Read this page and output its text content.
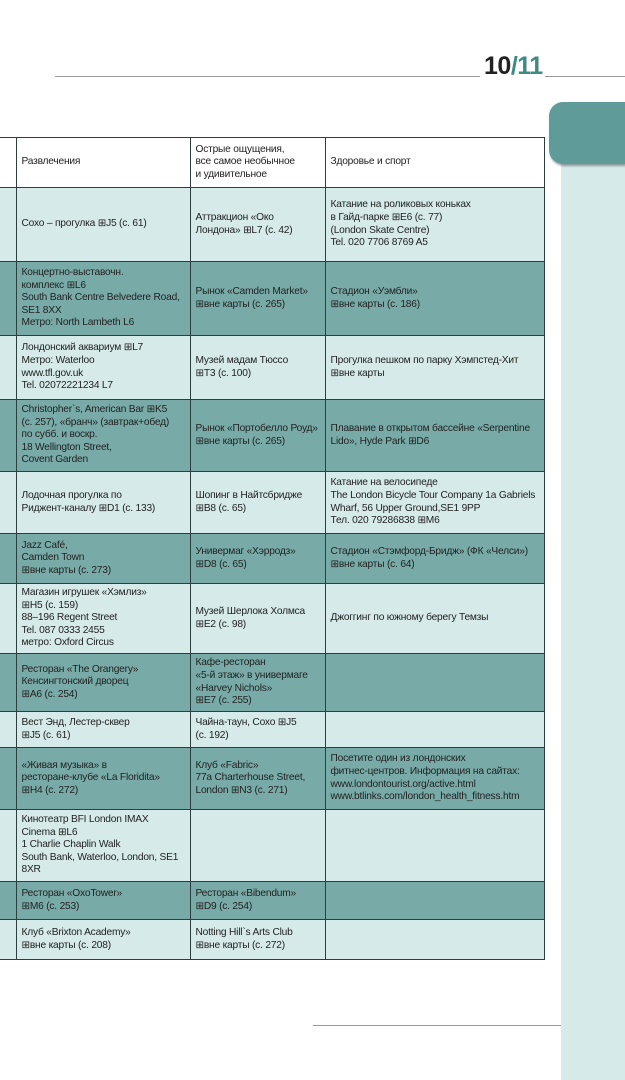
10/11
	Развлечения	Острые ощущения,
все самое необычное
и удивительное	Здоровье и спорт
	Сохо – прогулка ⊞J5 (с. 61)	Аттракцион «Око
Лондона» ⊞L7 (с. 42)	Катание на роликовых коньках
в Гайд-парке ⊞E6 (с. 77)
(London Skate Centre)
Tel. 020 7706 8769 A5
	Концертно-выставочн.
комплекс ⊞L6
South Bank Centre Belvedere Road,
SE1 8XX
Метро: North Lambeth L6	Рынок «Camden Market»
⊞вне карты (с. 265)	Стадион «Уэмбли»
⊞вне карты (с. 186)
	Лондонский аквариум ⊞L7
Метро: Waterloo
www.tfl.gov.uk
Tel. 02072221234 L7	Музей мадам Тюссо
⊞T3 (с. 100)	Прогулка пешком по парку Хэмпстед-Хит
⊞вне карты
	Christopher`s, American Bar ⊞K5
(с. 257), «бранч» (завтрак+обед)
по субб. и воскр.
18 Wellington Street,
Covent Garden	Рынок «Портобелло Роуд»
⊞вне карты (с. 265)	Плавание в открытом бассейне «Serpentine
Lido», Hyde Park ⊞D6
	Лодочная прогулка по
Риджент-каналу ⊞D1 (с. 133)	Шопинг в Найтсбридже
⊞B8 (с. 65)	Катание на велосипеде
The London Bicycle Tour Company 1a Gabriels
Wharf, 56 Upper Ground,SE1 9PP
Тел. 020 79286838 ⊞M6
	Jazz Café,
Camden Town
⊞вне карты (с. 273)	Универмаг «Хэрродз»
⊞D8 (с. 65)	Стадион «Стэмфорд-Бридж» (ФК «Челси»)
⊞вне карты (с. 64)
	Магазин игрушек «Хэмлиз»
⊞H5 (с. 159)
88–196 Regent Street
Tel. 087 0333 2455
метро: Oxford Circus	Музей Шерлока Холмса
⊞E2 (с. 98)	Джоггинг по южному берегу Темзы
	Ресторан «The Orangery»
Кенсингтонский дворец
⊞A6 (с. 254)	Кафе-ресторан
«5-й этаж» в универмаге
«Harvey Nichols»
⊞E7 (с. 255)	
	Вест Энд, Лестер-сквер
⊞J5 (с. 61)	Чайна-таун, Сохо ⊞J5
(с. 192)	
	«Живая музыка» в
ресторане-клубе «La Floridita»
⊞H4 (с. 272)	Клуб «Fabric»
77a Charterhouse Street,
London ⊞N3 (с. 271)	Посетите один из лондонских
фитнес-центров. Информация на сайтах:
www.londontourist.org/active.html
www.btlinks.com/london_health_fitness.htm
	Кинотеатр BFI London IMAX
Cinema ⊞L6
1 Charlie Chaplin Walk
South Bank, Waterloo, London, SE1
8XR		
	Ресторан «OxoTower»
⊞M6 (с. 253)	Ресторан «Bibendum»
⊞D9 (с. 254)	
	Клуб «Brixton Academy»
⊞вне карты (с. 208)	Notting Hill`s Arts Club
⊞вне карты (с. 272)	
